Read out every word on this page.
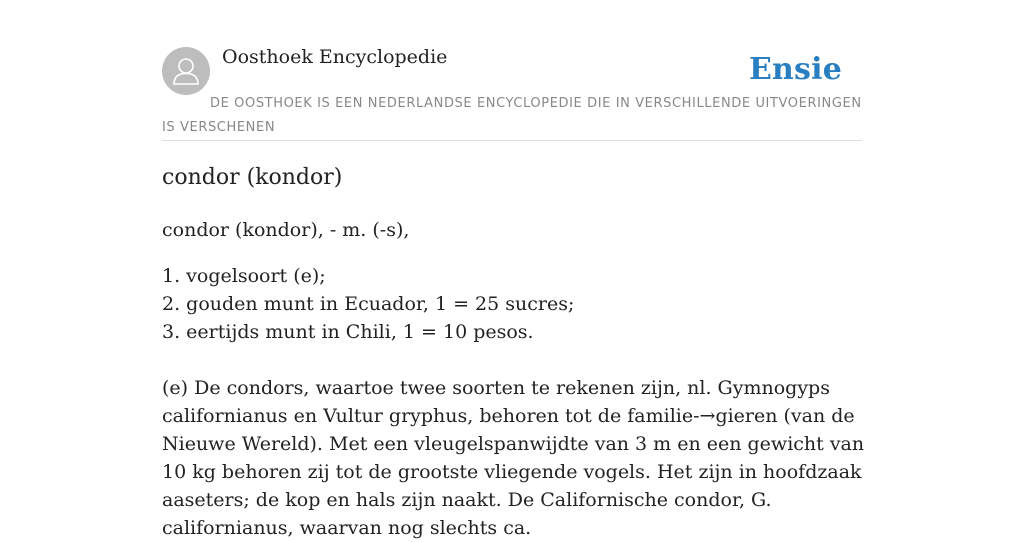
Oosthoek Encyclopedie	Ensie
DE OOSTHOEK IS EEN NEDERLANDSE ENCYCLOPEDIE DIE IN VERSCHILLENDE UITVOERINGEN IS VERSCHENEN
condor (kondor)

condor (kondor), - m. (-s),

1. vogelsoort (e);

2. gouden munt in Ecuador, 1 = 25 sucres;

3. eertijds munt in Chili, 1 = 10 pesos.

(e) De condors, waartoe twee soorten te rekenen zijn, nl. Gymnogyps californianus en Vultur gryphus, behoren tot de familie-→gieren (van de Nieuwe Wereld). Met een vleugelspanwijdte van 3 m en een gewicht van 10 kg behoren zij tot de grootste vliegende vogels. Het zijn in hoofdzaak aaseters; de kop en hals zijn naakt. De Californische condor, G. californianus, waarvan nog slechts ca.
